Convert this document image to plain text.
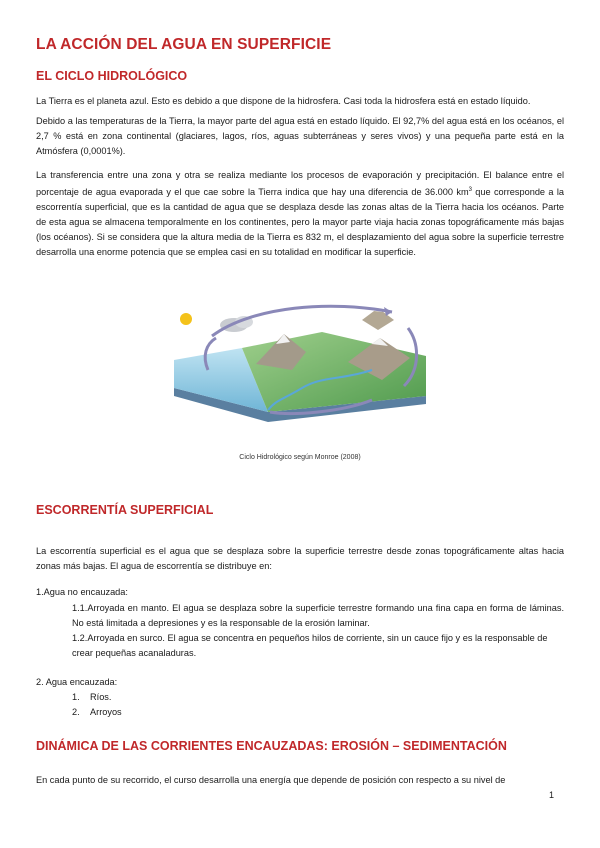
LA ACCIÓN DEL AGUA EN SUPERFICIE
EL CICLO HIDROLÓGICO

La Tierra es el planeta azul. Esto es debido a que dispone de la hidrosfera. Casi toda la hidrosfera está en estado líquido.

Debido a las temperaturas de la Tierra, la mayor parte del agua está en estado líquido. El 92,7% del agua está en los océanos, el 2,7 % está en zona continental (glaciares, lagos, ríos, aguas subterráneas y seres vivos) y una pequeña parte está en la Atmósfera (0,0001%).

La transferencia entre una zona y otra se realiza mediante los procesos de evaporación y precipitación. El balance entre el porcentaje de agua evaporada y el que cae sobre la Tierra indica que hay una diferencia de 36.000 $km^3$ que corresponde a la escorrentía superficial, que es la cantidad de agua que se desplaza desde las zonas altas de la Tierra hacia los océanos. Parte de esta agua se almacena temporalmente en los continentes, pero la mayor parte viaja hacia zonas topográficamente más bajas (los océanos). Si se considera que la altura media de la Tierra es 832 m, el desplazamiento del agua sobre la superficie terrestre desarrolla una enorme potencia que se emplea casi en su totalidad en modificar la superficie.

Ciclo Hidrológico según Monroe (2008)
ESCORRENTÍA SUPERFICIAL

La escorrentía superficial es el agua que se desplaza sobre la superficie terrestre desde zonas topográficamente altas hacia zonas más bajas. El agua de escorrentía se distribuye en:

1.Agua no encauzada:
1.1.Arroyada en manto. El agua se desplaza sobre la superficie terrestre formando una fina capa en forma de láminas. No está limitada a depresiones y es la responsable de la erosión laminar.
1.2.Arroyada en surco. El agua se concentra en pequeños hilos de corriente, sin un cauce fijo y es la responsable de crear pequeñas acanaladuras.
2. Agua encauzada:
1. Ríos.
2. Arroyos
DINÁMICA DE LAS CORRIENTES ENCAUZADAS: EROSIÓN – SEDIMENTACIÓN

En cada punto de su recorrido, el curso desarrolla una energía que depende de posición con respecto a su nivel de

1
